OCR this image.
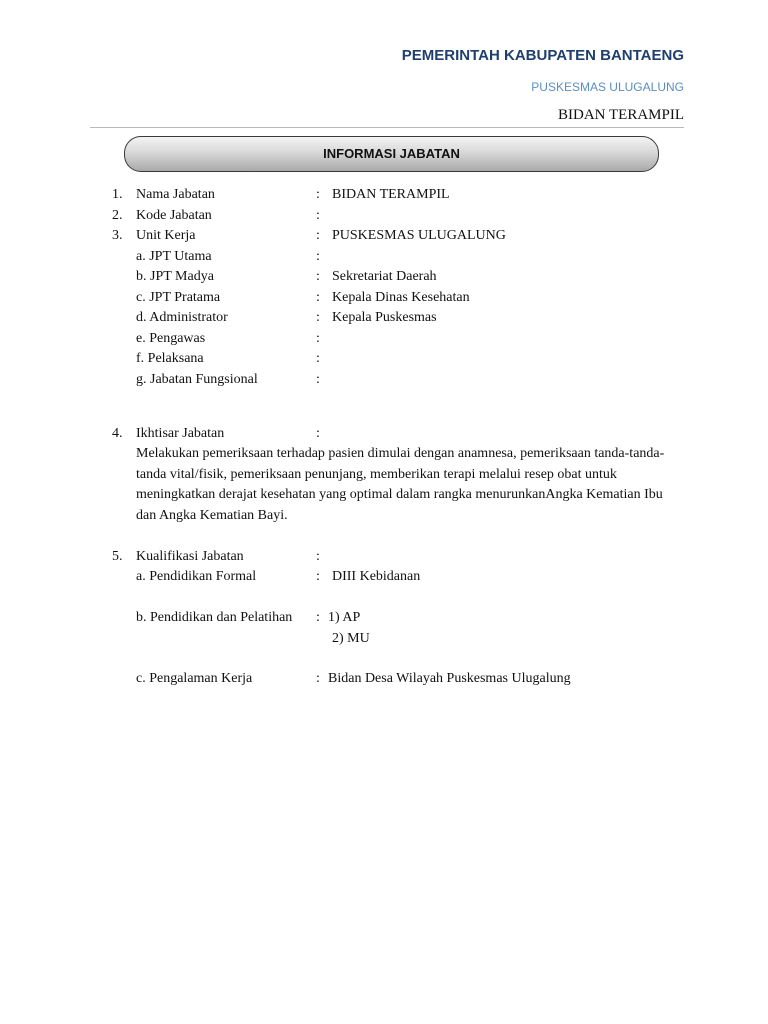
PEMERINTAH KABUPATEN BANTAENG
PUSKESMAS ULUGALUNG
BIDAN TERAMPIL
INFORMASI JABATAN
1. Nama Jabatan	: BIDAN TERAMPIL
2. Kode Jabatan	:
3. Unit Kerja	: PUSKESMAS ULUGALUNG
a. JPT Utama	:
b. JPT Madya	: Sekretariat Daerah
c. JPT Pratama	: Kepala Dinas Kesehatan
d. Administrator	: Kepala Puskesmas
e. Pengawas	:
f. Pelaksana	:
g. Jabatan Fungsional	:
4. Ikhtisar Jabatan	:
Melakukan pemeriksaan terhadap pasien dimulai dengan anamnesa, pemeriksaan tanda-tanda-tanda vital/fisik, pemeriksaan penunjang, memberikan terapi melalui resep obat untuk meningkatkan derajat kesehatan yang optimal dalam rangka menurunkanAngka Kematian Ibu dan Angka Kematian Bayi.
5. Kualifikasi Jabatan	:
a. Pendidikan Formal	: DIII Kebidanan
b. Pendidikan dan Pelatihan : 1) AP
2) MU
c. Pengalaman Kerja	: Bidan Desa Wilayah Puskesmas Ulugalung
